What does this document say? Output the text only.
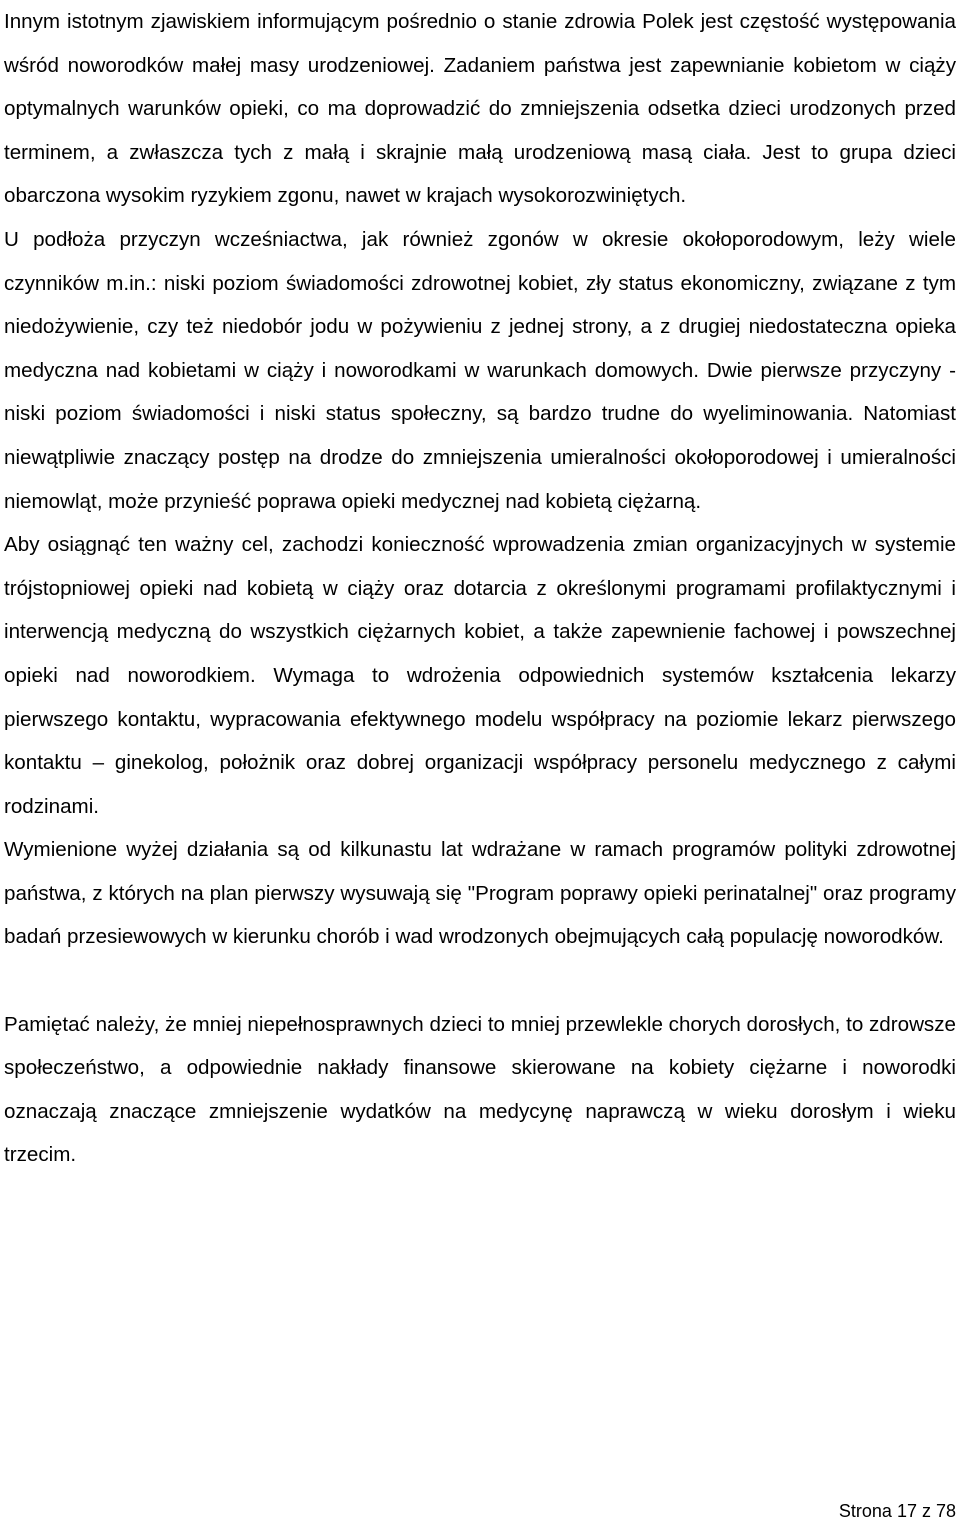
Innym istotnym zjawiskiem informującym pośrednio o stanie zdrowia Polek jest częstość występowania wśród noworodków małej masy urodzeniowej. Zadaniem państwa jest zapewnianie kobietom w ciąży optymalnych warunków opieki, co ma doprowadzić do zmniejszenia odsetka dzieci urodzonych przed terminem, a zwłaszcza tych z małą i skrajnie małą urodzeniową masą ciała. Jest to grupa dzieci obarczona wysokim ryzykiem zgonu, nawet w krajach wysokorozwiniętych.

U podłoża przyczyn wcześniactwa, jak również zgonów w okresie okołoporodowym, leży wiele czynników m.in.: niski poziom świadomości zdrowotnej kobiet, zły status ekonomiczny, związane z tym niedożywienie, czy też niedobór jodu w pożywieniu z jednej strony, a z drugiej niedostateczna opieka medyczna nad kobietami w ciąży i noworodkami w warunkach domowych. Dwie pierwsze przyczyny - niski poziom świadomości i niski status społeczny, są bardzo trudne do wyeliminowania. Natomiast niewątpliwie znaczący postęp na drodze do zmniejszenia umieralności okołoporodowej i umieralności niemowląt, może przynieść poprawa opieki medycznej nad kobietą ciężarną.

Aby osiągnąć ten ważny cel, zachodzi konieczność wprowadzenia zmian organizacyjnych w systemie trójstopniowej opieki nad kobietą w ciąży oraz dotarcia z określonymi programami profilaktycznymi i interwencją medyczną do wszystkich ciężarnych kobiet, a także zapewnienie fachowej i powszechnej opieki nad noworodkiem. Wymaga to wdrożenia odpowiednich systemów kształcenia lekarzy pierwszego kontaktu, wypracowania efektywnego modelu współpracy na poziomie lekarz pierwszego kontaktu – ginekolog, położnik oraz dobrej organizacji współpracy personelu medycznego z całymi rodzinami.

Wymienione wyżej działania są od kilkunastu lat wdrażane w ramach programów polityki zdrowotnej państwa, z których na plan pierwszy wysuwają się "Program poprawy opieki perinatalnej" oraz programy badań przesiewowych w kierunku chorób i wad wrodzonych obejmujących całą populację noworodków.

Pamiętać należy, że mniej niepełnosprawnych dzieci to mniej przewlekle chorych dorosłych, to zdrowsze społeczeństwo, a odpowiednie nakłady finansowe skierowane na kobiety ciężarne i noworodki oznaczają znaczące zmniejszenie wydatków na medycynę naprawczą w wieku dorosłym i wieku trzecim.

Strona 17 z 78
